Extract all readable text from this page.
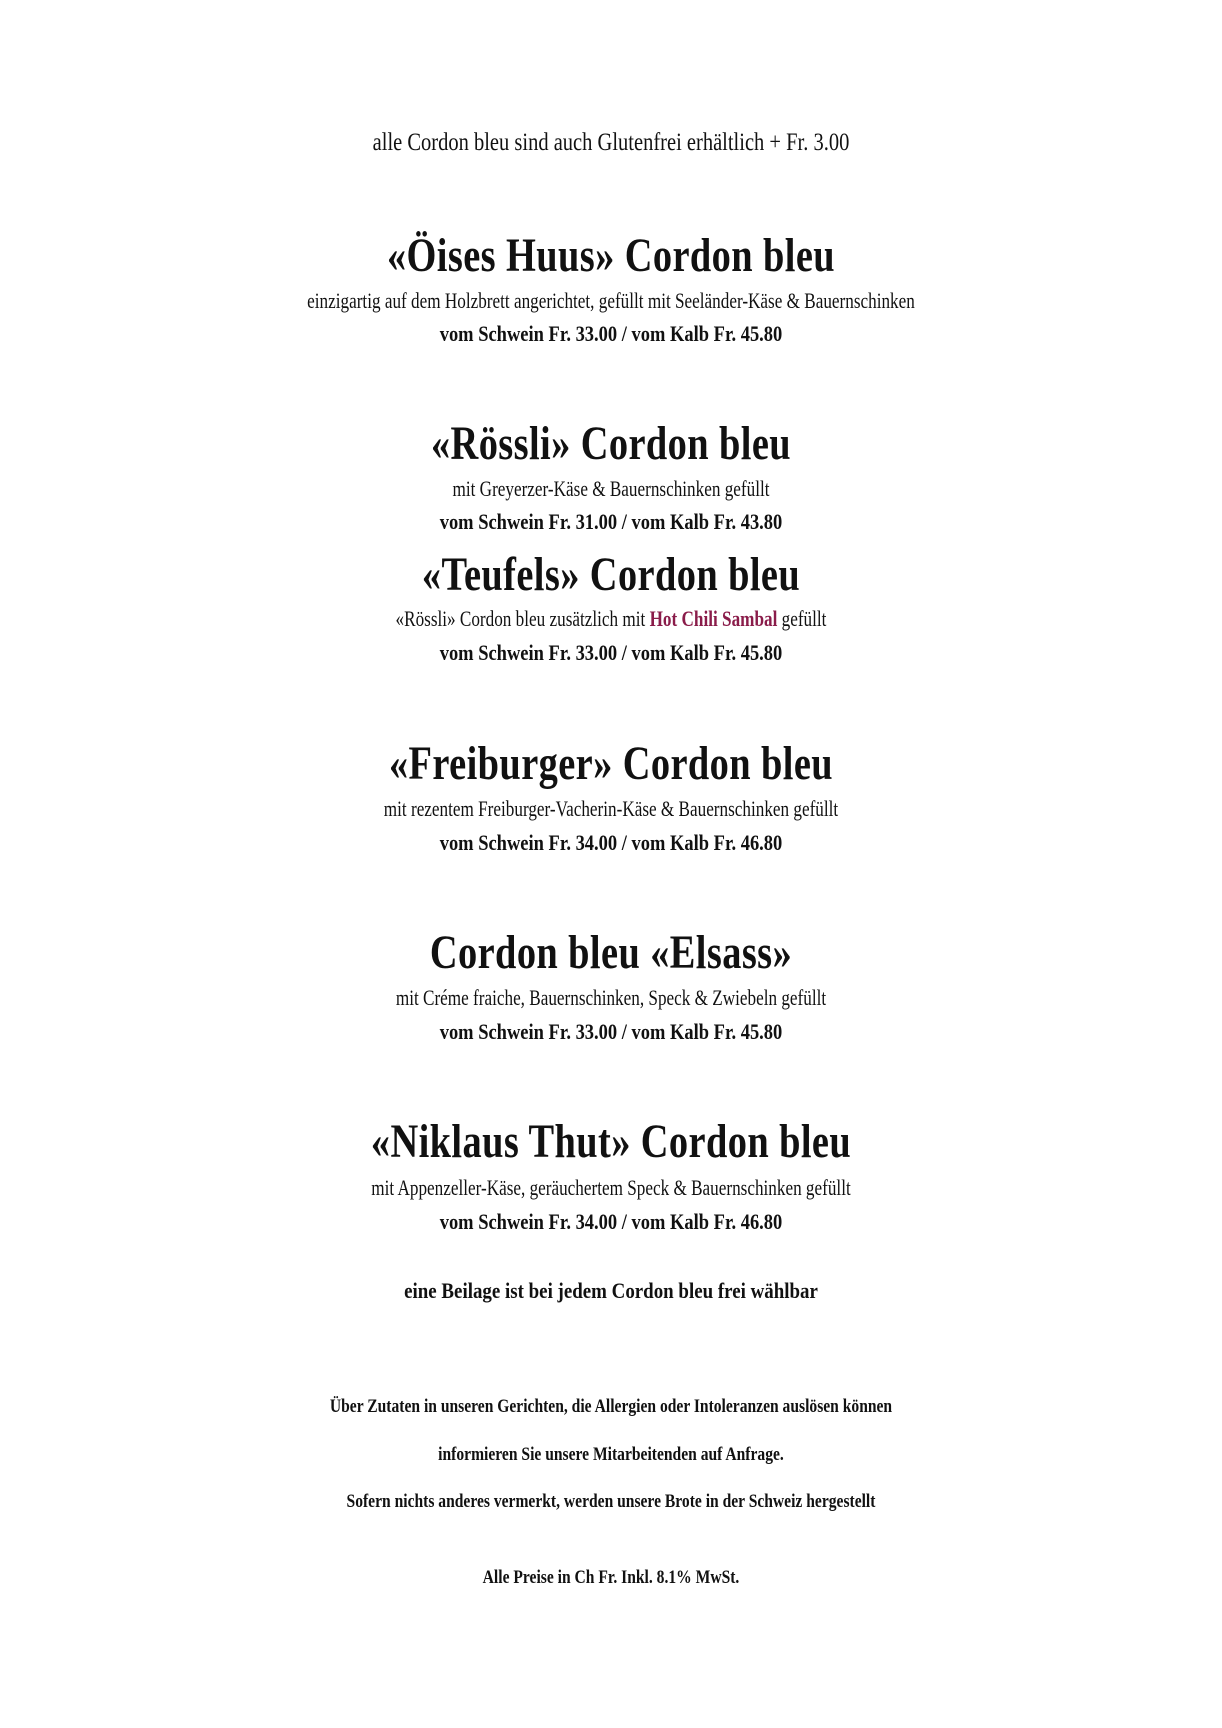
alle Cordon bleu sind auch Glutenfrei erhältlich + Fr. 3.00
«Öises Huus» Cordon bleu
einzigartig auf dem Holzbrett angerichtet, gefüllt mit Seeländer-Käse & Bauernschinken
vom Schwein Fr. 33.00 / vom Kalb Fr. 45.80
«Rössli» Cordon bleu
mit Greyerzer-Käse & Bauernschinken gefüllt
vom Schwein Fr. 31.00 / vom Kalb Fr. 43.80
«Teufels» Cordon bleu
«Rössli» Cordon bleu zusätzlich mit Hot Chili Sambal gefüllt
vom Schwein Fr. 33.00 / vom Kalb Fr. 45.80
«Freiburger» Cordon bleu
mit rezentem Freiburger-Vacherin-Käse & Bauernschinken gefüllt
vom Schwein Fr. 34.00 / vom Kalb Fr. 46.80
Cordon bleu «Elsass»
mit Créme fraiche, Bauernschinken, Speck & Zwiebeln gefüllt
vom Schwein Fr. 33.00 / vom Kalb Fr. 45.80
«Niklaus Thut» Cordon bleu
mit Appenzeller-Käse, geräuchertem Speck & Bauernschinken gefüllt
vom Schwein Fr. 34.00 / vom Kalb Fr. 46.80
eine Beilage ist bei jedem Cordon bleu frei wählbar
Über Zutaten in unseren Gerichten, die Allergien oder Intoleranzen auslösen können
informieren Sie unsere Mitarbeitenden auf Anfrage.
Sofern nichts anderes vermerkt, werden unsere Brote in der Schweiz hergestellt
Alle Preise in Ch Fr. Inkl. 8.1% MwSt.
